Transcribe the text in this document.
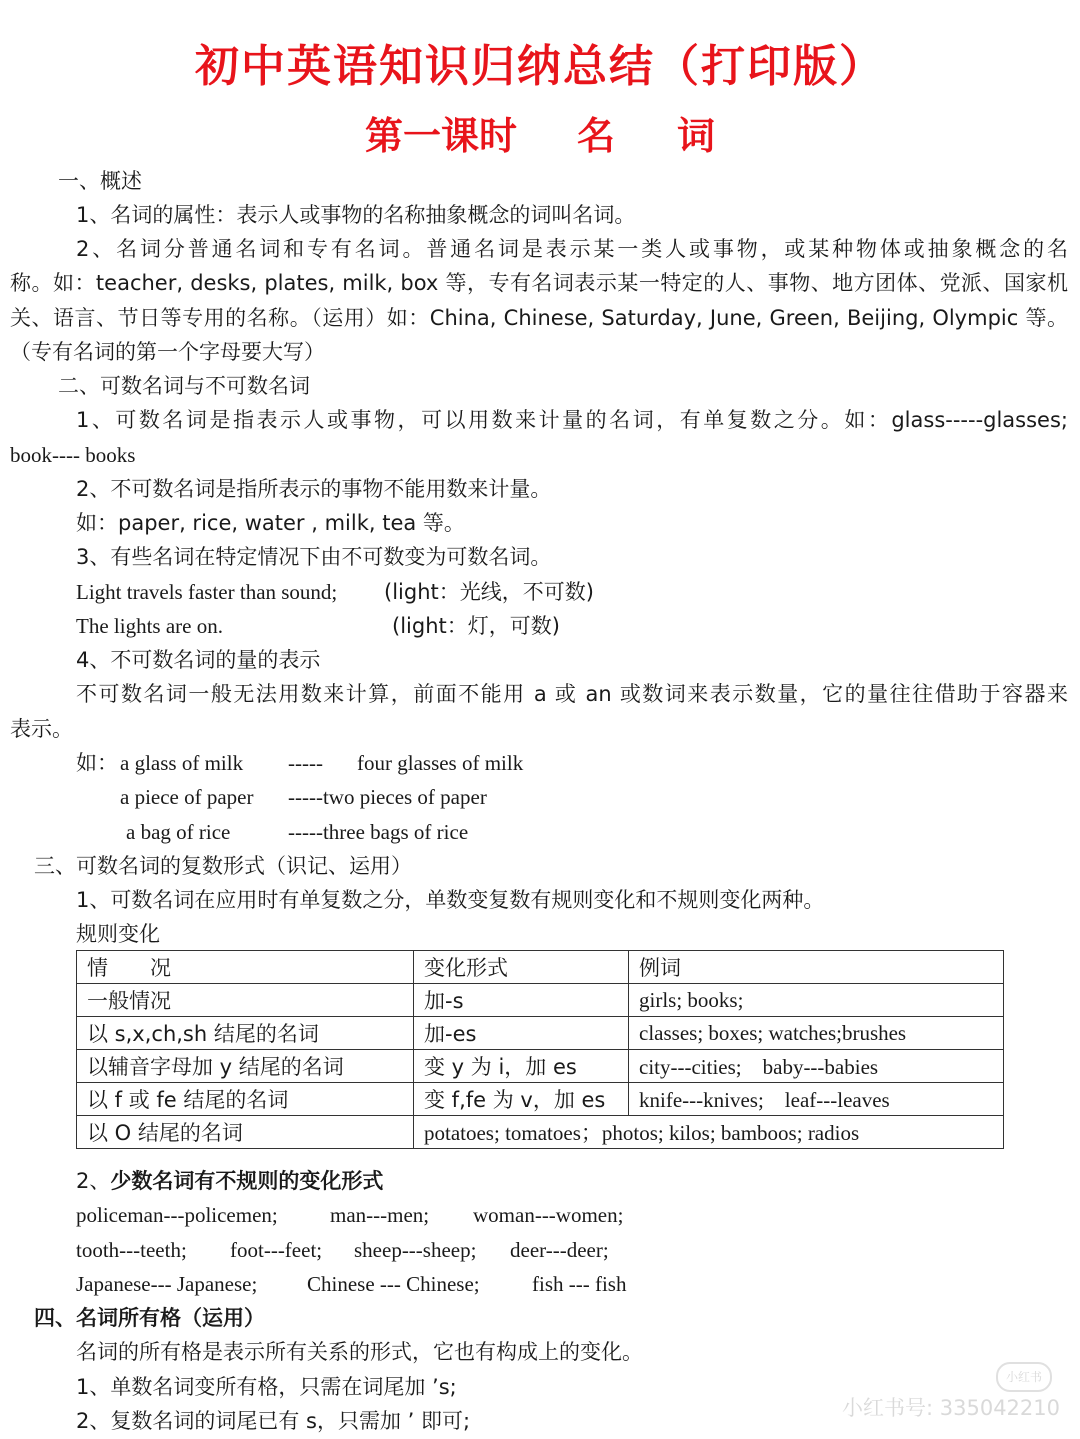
初中英语知识归纳总结（打印版）
第一课时 名 词
一、概述
1、名词的属性：表示人或事物的名称抽象概念的词叫名词。
2、名词分普通名词和专有名词。普通名词是表示某一类人或事物，或某种物体或抽象概念的名
称。如：teacher, desks, plates, milk, box 等，专有名词表示某一特定的人、事物、地方团体、党派、国家机
关、语言、节日等专用的名称。（运用）如：China, Chinese, Saturday, June, Green, Beijing, Olympic 等。
（专有名词的第一个字母要大写）
二、可数名词与不可数名词
1、可数名词是指表示人或事物，可以用数来计量的名词，有单复数之分。如：glass-----glasses;
book---- books
2、不可数名词是指所表示的事物不能用数来计量。
如：paper, rice, water , milk, tea 等。
3、有些名词在特定情况下由不可数变为可数名词。
Light travels faster than sound; (light：光线，不可数)
The lights are on.	(light：灯，可数)
4、不可数名词的量的表示
不可数名词一般无法用数来计算，前面不能用 a 或 an 或数词来表示数量，它的量往往借助于容器来
表示。
如： a glass of milk ----- four glasses of milk
a piece of paper -----two pieces of paper
a bag of rice	-----three bags of rice
三、可数名词的复数形式（识记、运用）
1、可数名词在应用时有单复数之分，单数变复数有规则变化和不规则变化两种。
规则变化
情　　况	变化形式	例词
一般情况	加-s	girls; books;
以 s,x,ch,sh 结尾的名词	加-es	classes; boxes; watches;brushes
以辅音字母加 y 结尾的名词	变 y 为 i，加 es	city---cities;　baby---babies
以 f 或 fe 结尾的名词	变 f,fe 为 v，加 es	knife---knives;　leaf---leaves
以 O 结尾的名词	potatoes; tomatoes；photos; kilos; bamboos; radios	
2、少数名词有不规则的变化形式
policeman---policemen; man---men; woman---women;
tooth---teeth; foot---feet; sheep---sheep; deer---deer;
Japanese--- Japanese; Chinese --- Chinese; fish --- fish
四、名词所有格（运用）
名词的所有格是表示所有关系的形式，它也有构成上的变化。
1、单数名词变所有格，只需在词尾加 ’s;
2、复数名词的词尾已有 s，只需加 ’ 即可;
小红书
小红书号: 335042210
